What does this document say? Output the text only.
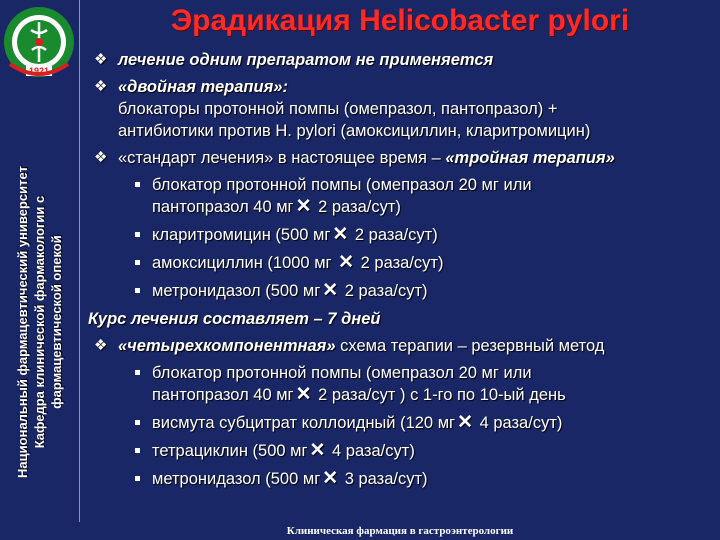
1921
Национальный фармацевтический университет Кафедра клинической фармакологии с фармацевтической опекой
Эрадикация Helicobacter pylori
❖ лечение одним препаратом не применяется
❖ «двойная терапия»:
блокаторы протонной помпы (омепразол, пантопразол) +
антибиотики против H. pylori (амоксициллин, кларитромицин)
❖ «стандарт лечения» в настоящее время – «тройная терапия»
блокатор протонной помпы (омепразол 20 мг или
пантопразол 40 мг ✕ 2 раза/сут)
кларитромицин (500 мг ✕ 2 раза/сут)
амоксициллин (1000 мг ✕ 2 раза/сут)
метронидазол (500 мг ✕ 2 раза/сут)
Курс лечения составляет – 7 дней
❖ «четырехкомпонентная» схема терапии – резервный метод
блокатор протонной помпы (омепразол 20 мг или
пантопразол 40 мг ✕ 2 раза/сут ) с 1-го по 10-ый день
висмута субцитрат коллоидный (120 мг ✕ 4 раза/сут)
тетрациклин (500 мг ✕ 4 раза/сут)
метронидазол (500 мг ✕ 3 раза/сут)
Клиническая фармация в гастроэнтерологии
